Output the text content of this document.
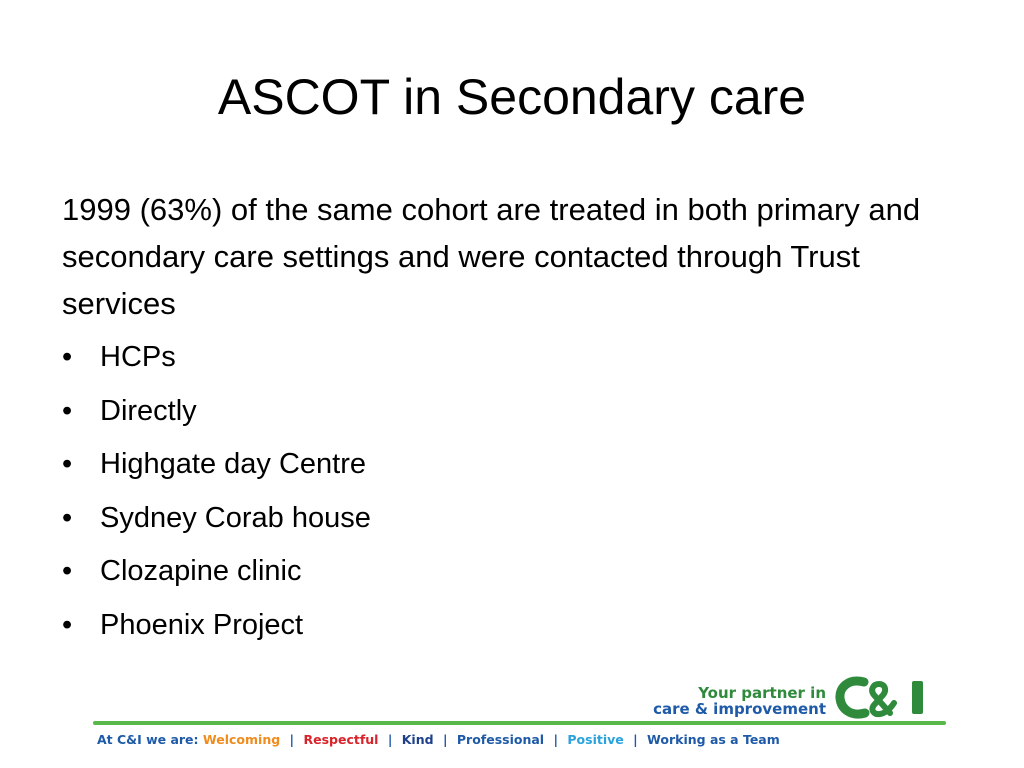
ASCOT in Secondary care

1999 (63%) of the same cohort are treated in both primary and secondary care settings and were contacted through Trust services

• HCPs
• Directly
• Highgate day Centre
• Sydney Corab house
• Clozapine clinic
• Phoenix Project
Your partner in
care & improvement
At C&I we are: Welcoming | Respectful | Kind | Professional | Positive | Working as a Team
